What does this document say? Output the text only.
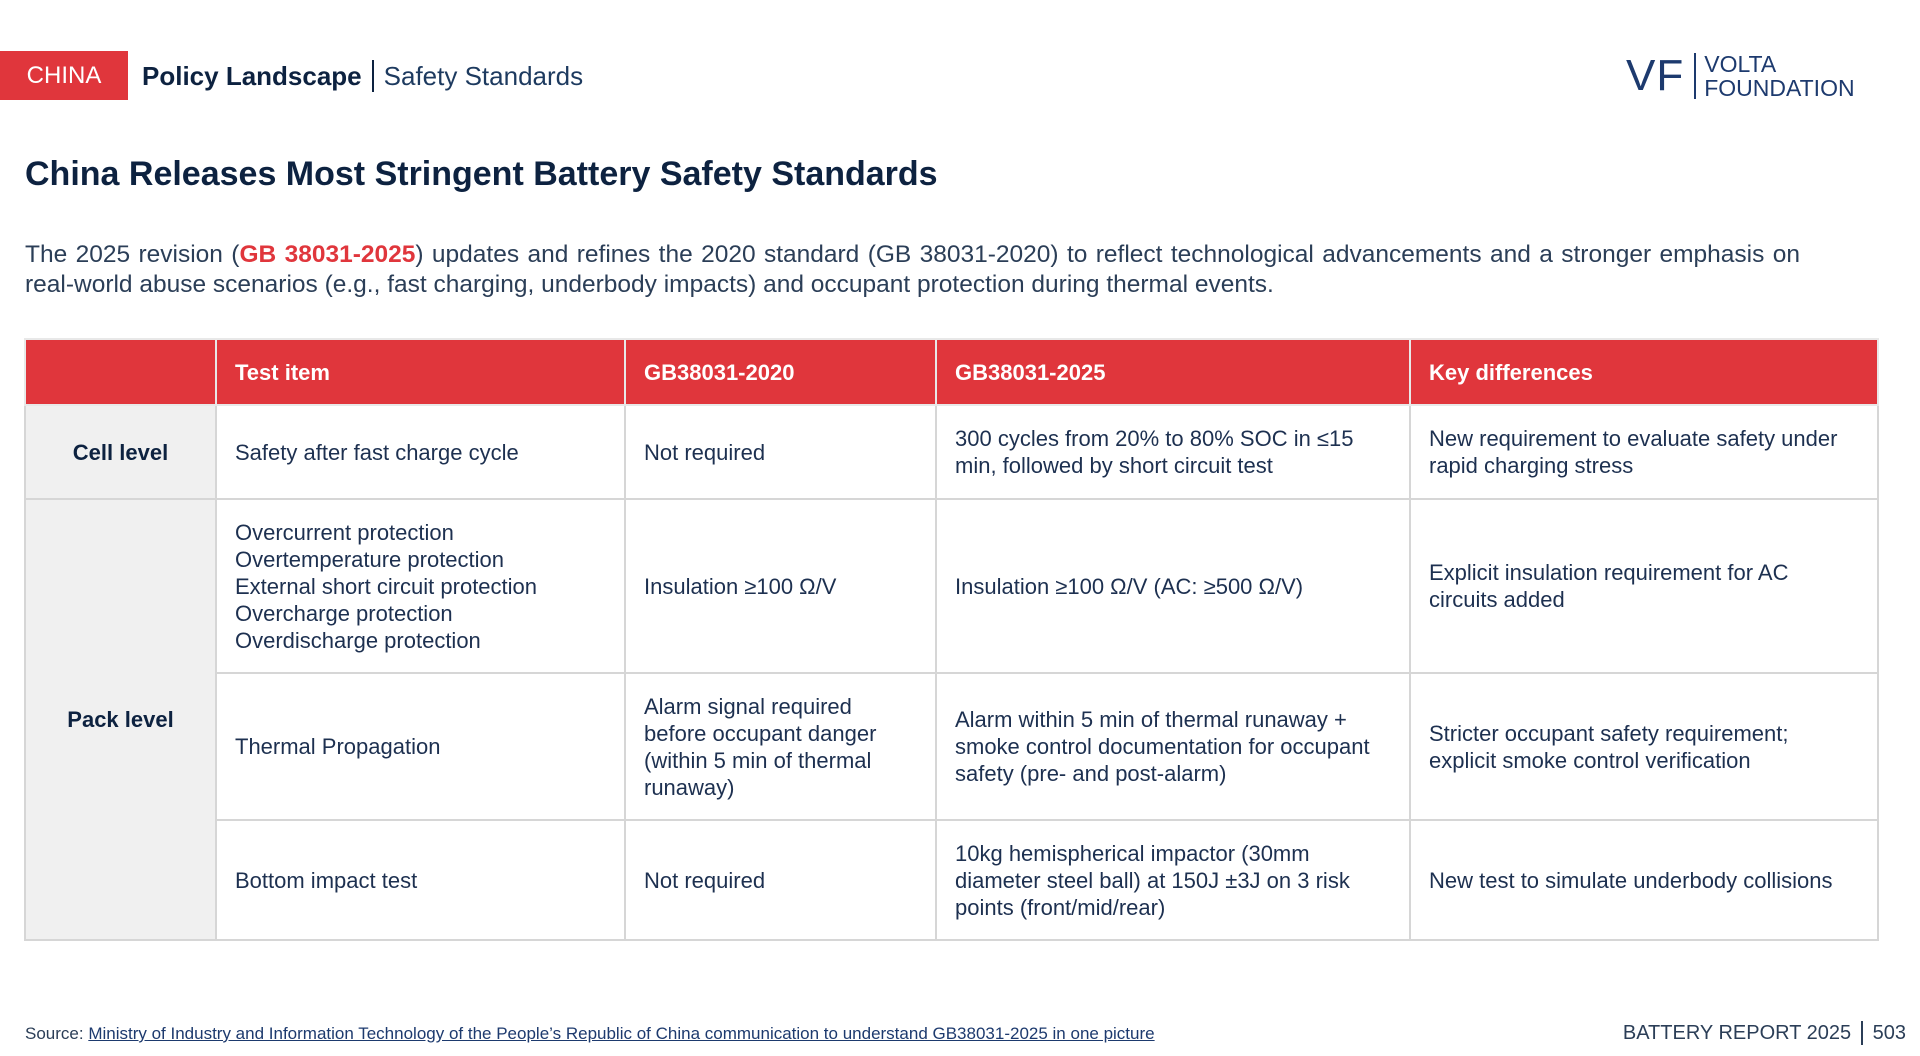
CHINA	Policy Landscape Safety Standards	VF VOLTA
FOUNDATION
China Releases Most Stringent Battery Safety Standards

The 2025 revision (GB 38031-2025) updates and refines the 2020 standard (GB 38031-2020) to reflect technological advancements and a stronger emphasis on real-world abuse scenarios (e.g., fast charging, underbody impacts) and occupant protection during thermal events.

	Test item	GB38031-2020	GB38031-2025	Key differences
Cell level	Safety after fast charge cycle	Not required	300 cycles from 20% to 80% SOC in ≤15 min, followed by short circuit test	New requirement to evaluate safety under rapid charging stress
Pack level	Overcurrent protection
Overtemperature protection
External short circuit protection
Overcharge protection
Overdischarge protection	Insulation ≥100 Ω/V	Insulation ≥100 Ω/V (AC: ≥500 Ω/V)	Explicit insulation requirement for AC circuits added
	Thermal Propagation	Alarm signal required before occupant danger (within 5 min of thermal runaway)	Alarm within 5 min of thermal runaway + smoke control documentation for occupant safety (pre- and post-alarm)	Stricter occupant safety requirement; explicit smoke control verification
	Bottom impact test	Not required	10kg hemispherical impactor (30mm diameter steel ball) at 150J ±3J on 3 risk points (front/mid/rear)	New test to simulate underbody collisions
Source: Ministry of Industry and Information Technology of the People’s Republic of China communication to understand GB38031-2025 in one picture	BATTERY REPORT 2025 503
